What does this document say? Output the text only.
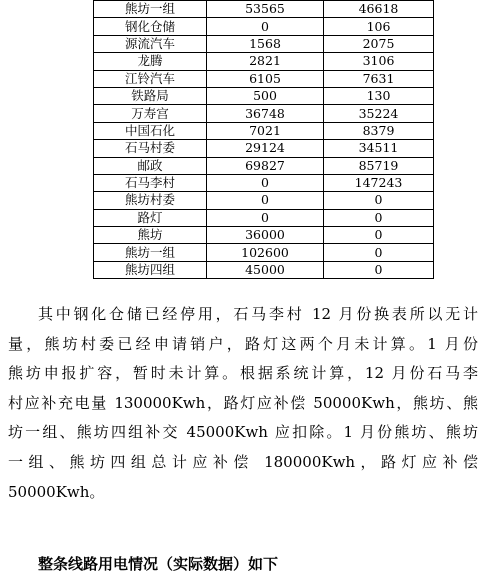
熊坊一组	53565	46618
钢化仓储	0	106
源流汽车	1568	2075
龙腾	2821	3106
江铃汽车	6105	7631
铁路局	500	130
万寿宫	36748	35224
中国石化	7021	8379
石马村委	29124	34511
邮政	69827	85719
石马李村	0	147243
熊坊村委	0	0
路灯	0	0
熊坊	36000	0
熊坊一组	102600	0
熊坊四组	45000	0
其中钢化仓储已经停用，石马李村 12 月份换表所以无计
量，熊坊村委已经申请销户，路灯这两个月未计算。1 月份
熊坊申报扩容，暂时未计算。根据系统计算，12 月份石马李
村应补充电量 130000Kwh，路灯应补偿 50000Kwh，熊坊、熊
坊一组、熊坊四组补交 45000Kwh 应扣除。1 月份熊坊、熊坊
一组、熊坊四组总计应补偿 180000Kwh，路灯应补偿
50000Kwh。
整条线路用电情况（实际数据）如下
